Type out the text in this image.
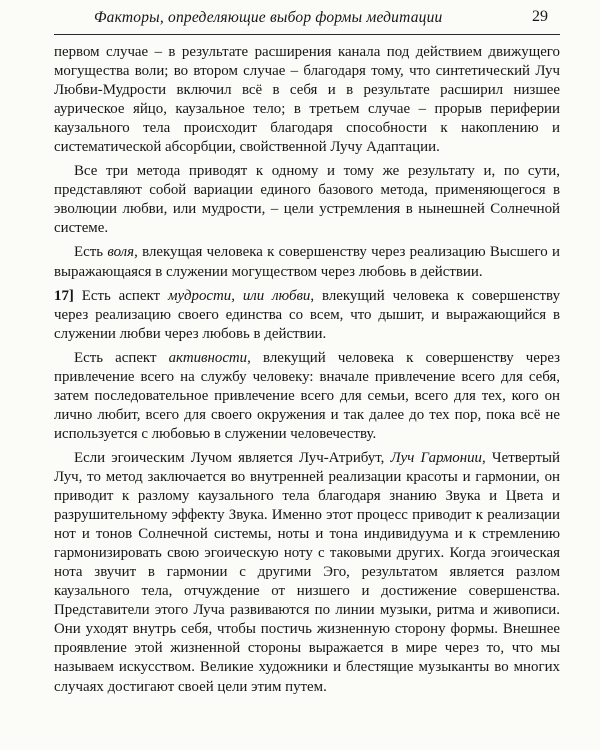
Факторы, определяющие выбор формы медитации	29

первом случае – в результате расширения канала под действием движущего могущества воли; во втором случае – благодаря тому, что синтетический Луч Любви-Мудрости включил всё в себя и в результате расширил низшее аурическое яйцо, каузальное тело; в третьем случае – прорыв периферии каузального тела происходит благодаря способности к накоплению и систематической абсорбции, свойственной Лучу Адаптации.

Все три метода приводят к одному и тому же результату и, по сути, представляют собой вариации единого базового метода, применяющегося в эволюции любви, или мудрости, – цели устремления в нынешней Солнечной системе.

Есть воля, влекущая человека к совершенству через реализацию Высшего и выражающаяся в служении могуществом через любовь в действии.

17] Есть аспект мудрости, или любви, влекущий человека к совершенству через реализацию своего единства со всем, что дышит, и выражающийся в служении любви через любовь в действии.

Есть аспект активности, влекущий человека к совершенству через привлечение всего на службу человеку: вначале привлечение всего для себя, затем последовательное привлечение всего для семьи, всего для тех, кого он лично любит, всего для своего окружения и так далее до тех пор, пока всё не используется с любовью в служении человечеству.

Если эгоическим Лучом является Луч-Атрибут, Луч Гармонии, Четвертый Луч, то метод заключается во внутренней реализации красоты и гармонии, он приводит к разлому каузального тела благодаря знанию Звука и Цвета и разрушительному эффекту Звука. Именно этот процесс приводит к реализации нот и тонов Солнечной системы, ноты и тона индивидуума и к стремлению гармонизировать свою эгоическую ноту с таковыми других. Когда эгоическая нота звучит в гармонии с другими Эго, результатом является разлом каузального тела, отчуждение от низшего и достижение совершенства. Представители этого Луча развиваются по линии музыки, ритма и живописи. Они уходят внутрь себя, чтобы постичь жизненную сторону формы. Внешнее проявление этой жизненной стороны выражается в мире через то, что мы называем искусством. Великие художники и блестящие музыканты во многих случаях достигают своей цели этим путем.
